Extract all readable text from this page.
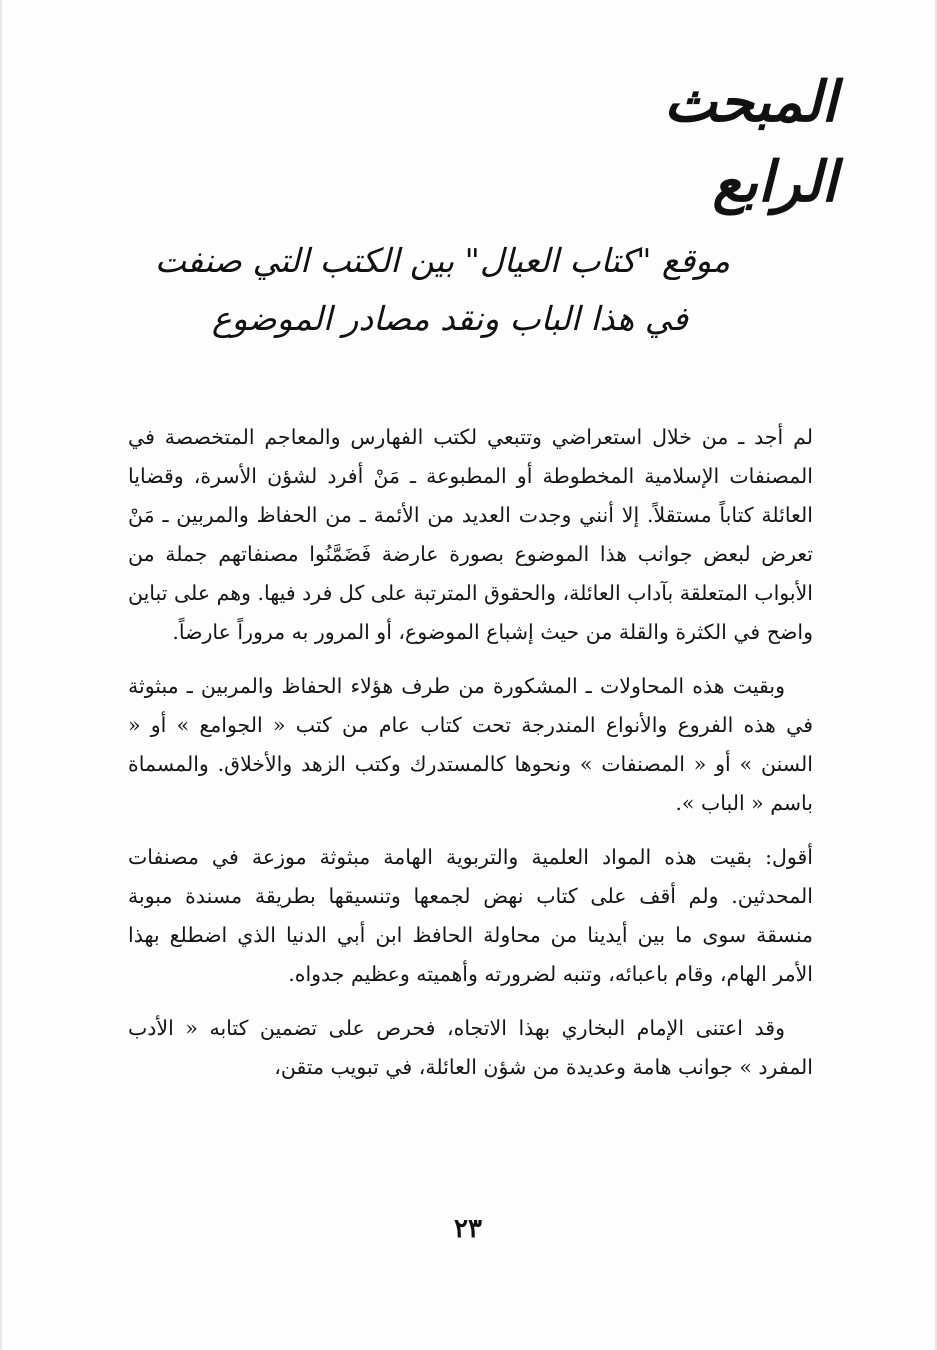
المبحث الرابع
موقع "كتاب العيال" بين الكتب التي صنفت
في هذا الباب ونقد مصادر الموضوع

لم أجد ـ من خلال استعراضي وتتبعي لكتب الفهارس والمعاجم المتخصصة في المصنفات الإسلامية المخطوطة أو المطبوعة ـ مَنْ أفرد لشؤن الأسرة، وقضايا العائلة كتاباً مستقلاً. إلا أنني وجدت العديد من الأئمة ـ من الحفاظ والمربين ـ مَنْ تعرض لبعض جوانب هذا الموضوع بصورة عارضة فَضَمَّنُوا مصنفاتهم جملة من الأبواب المتعلقة بآداب العائلة، والحقوق المترتبة على كل فرد فيها. وهم على تباين واضح في الكثرة والقلة من حيث إشباع الموضوع، أو المرور به مروراً عارضاً.

وبقيت هذه المحاولات ـ المشكورة من طرف هؤلاء الحفاظ والمربين ـ مبثوثة في هذه الفروع والأنواع المندرجة تحت كتاب عام من كتب « الجوامع » أو « السنن » أو « المصنفات » ونحوها كالمستدرك وكتب الزهد والأخلاق. والمسماة باسم « الباب ».

أقول: بقيت هذه المواد العلمية والتربوية الهامة مبثوثة موزعة في مصنفات المحدثين. ولم أقف على كتاب نهض لجمعها وتنسيقها بطريقة مسندة مبوبة منسقة سوى ما بين أيدينا من محاولة الحافظ ابن أبي الدنيا الذي اضطلع بهذا الأمر الهام، وقام باعبائه، وتنبه لضرورته وأهميته وعظيم جدواه.

وقد اعتنى الإمام البخاري بهذا الاتجاه، فحرص على تضمين كتابه « الأدب المفرد » جوانب هامة وعديدة من شؤن العائلة، في تبويب متقن،

٢٣
